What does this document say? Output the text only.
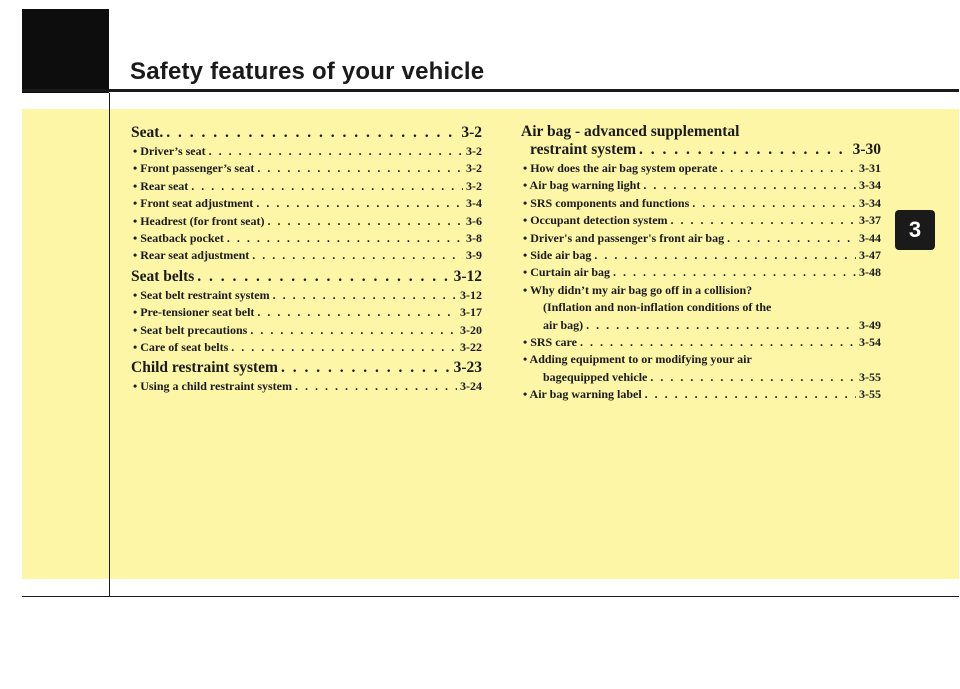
Safety features of your vehicle
3
Seat. . . .	3-2
• Driver’s seat . . .	3-2
• Front passenger’s seat . . .	3-2
• Rear seat . . .	3-2
• Front seat adjustment . . .	3-4
• Headrest (for front seat) . . .	3-6
• Seatback pocket . . .	3-8
• Rear seat adjustment . . .	3-9
Seat belts . . .	3-12
• Seat belt restraint system . . .	3-12
• Pre-tensioner seat belt . . .	3-17
• Seat belt precautions . . .	3-20
• Care of seat belts . . .	3-22
Child restraint system . . .	3-23
• Using a child restraint system . . .	3-24
Air bag - advanced supplemental
restraint system . . .	3-30
• How does the air bag system operate . . .	3-31
• Air bag warning light . . .	3-34
• SRS components and functions . . .	3-34
• Occupant detection system . . .	3-37
• Driver's and passenger's front air bag . . .	3-44
• Side air bag . . .	3-47
• Curtain air bag . . .	3-48
• Why didn’t my air bag go off in a collision?
(Inflation and non-inflation conditions of the
air bag) . . .	3-49
• SRS care . . .	3-54
• Adding equipment to or modifying your air
bagequipped vehicle . . .	3-55
• Air bag warning label . . .	3-55
